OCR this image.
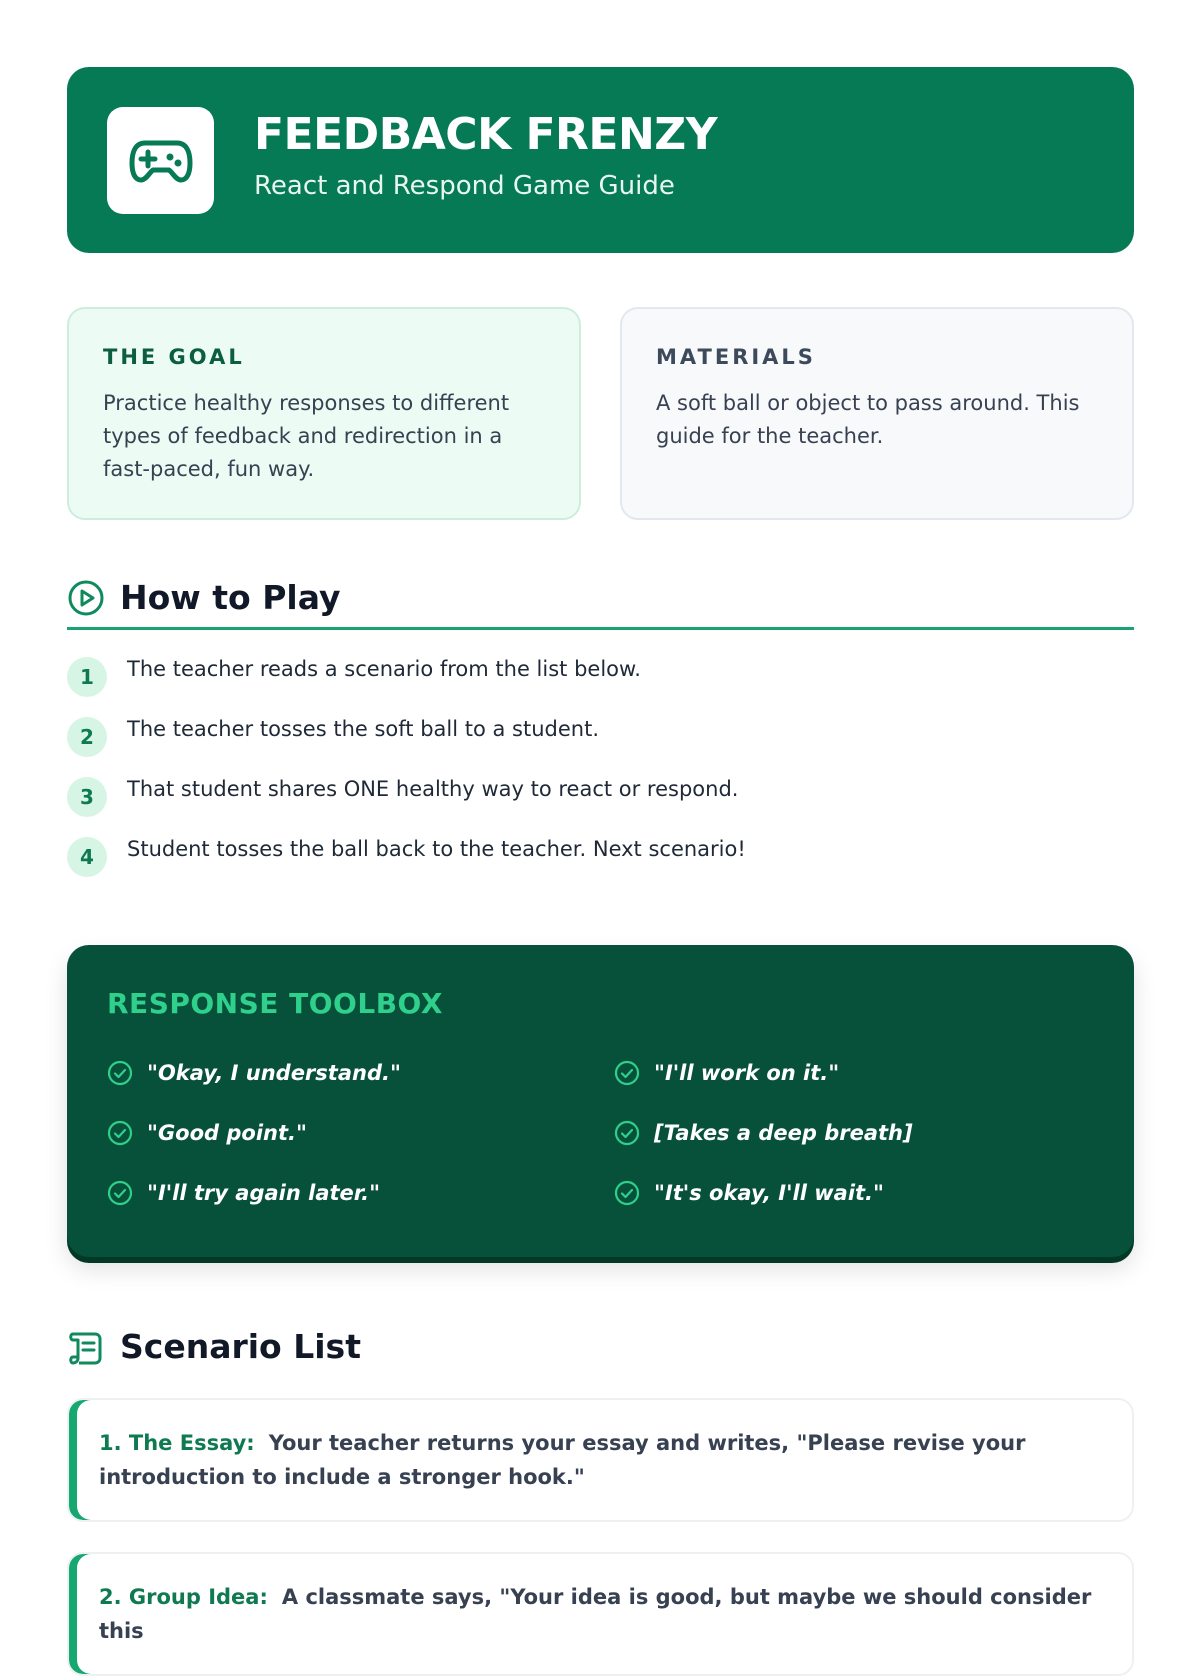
FEEDBACK FRENZY
React and Respond Game Guide
THE GOAL
Practice healthy responses to different types of feedback and redirection in a fast-paced, fun way.
MATERIALS
A soft ball or object to pass around. This guide for the teacher.
How to Play
1	The teacher reads a scenario from the list below.
2	The teacher tosses the soft ball to a student.
3	That student shares ONE healthy way to react or respond.
4	Student tosses the ball back to the teacher. Next scenario!
RESPONSE TOOLBOX
"Okay, I understand."	"I'll work on it."
"Good point."	[Takes a deep breath]
"I'll try again later."	"It's okay, I'll wait."
Scenario List
1. The Essay: Your teacher returns your essay and writes, "Please revise your introduction to include a stronger hook."
2. Group Idea: A classmate says, "Your idea is good, but maybe we should consider this
